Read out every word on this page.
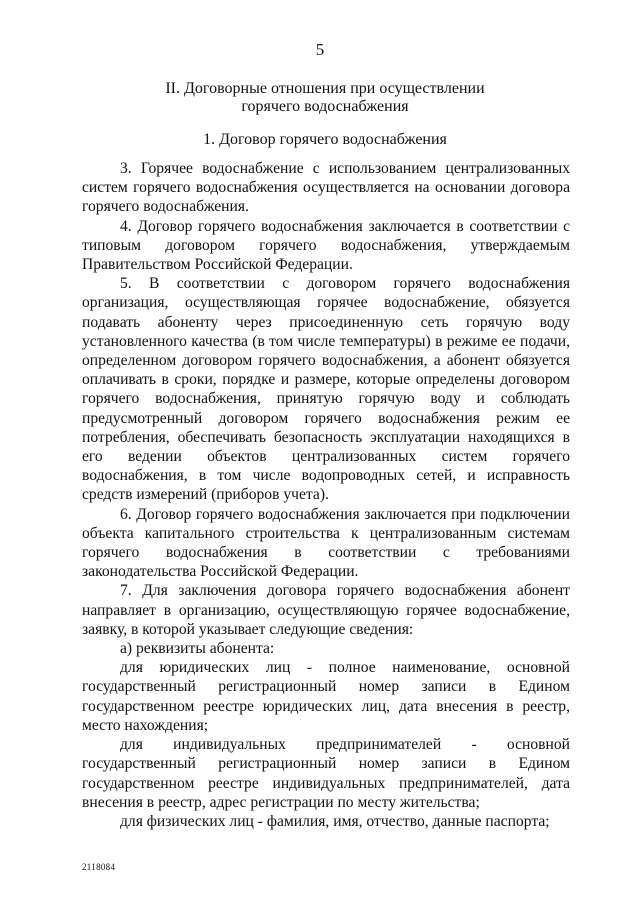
5
II. Договорные отношения при осуществлении
горячего водоснабжения
1. Договор горячего водоснабжения

3. Горячее водоснабжение с использованием централизованных систем горячего водоснабжения осуществляется на основании договора горячего водоснабжения.

4. Договор горячего водоснабжения заключается в соответствии с типовым договором горячего водоснабжения, утверждаемым Правительством Российской Федерации.

5. В соответствии с договором горячего водоснабжения организация, осуществляющая горячее водоснабжение, обязуется подавать абоненту через присоединенную сеть горячую воду установленного качества (в том числе температуры) в режиме ее подачи, определенном договором горячего водоснабжения, а абонент обязуется оплачивать в сроки, порядке и размере, которые определены договором горячего водоснабжения, принятую горячую воду и соблюдать предусмотренный договором горячего водоснабжения режим ее потребления, обеспечивать безопасность эксплуатации находящихся в его ведении объектов централизованных систем горячего водоснабжения, в том числе водопроводных сетей, и исправность средств измерений (приборов учета).

6. Договор горячего водоснабжения заключается при подключении объекта капитального строительства к централизованным системам горячего водоснабжения в соответствии с требованиями законодательства Российской Федерации.

7. Для заключения договора горячего водоснабжения абонент направляет в организацию, осуществляющую горячее водоснабжение, заявку, в которой указывает следующие сведения:

а) реквизиты абонента:

для юридических лиц - полное наименование, основной государственный регистрационный номер записи в Едином государственном реестре юридических лиц, дата внесения в реестр, место нахождения;

для индивидуальных предпринимателей - основной государственный регистрационный номер записи в Едином государственном реестре индивидуальных предпринимателей, дата внесения в реестр, адрес регистрации по месту жительства;

для физических лиц - фамилия, имя, отчество, данные паспорта;

2118084
